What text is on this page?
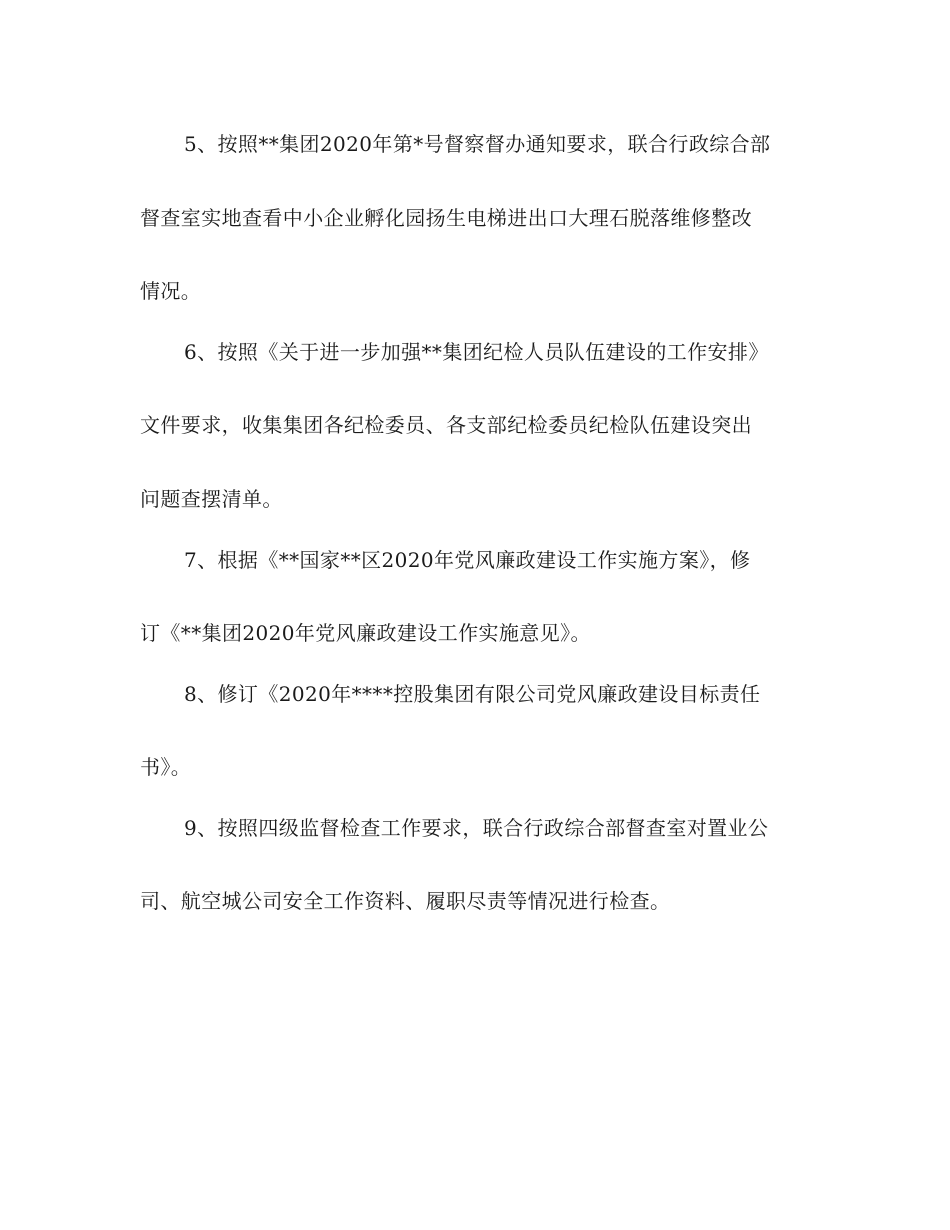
5、按照**集团2020年第*号督察督办通知要求，联合行政综合部

督查室实地查看中小企业孵化园扬生电梯进出口大理石脱落维修整改

情况。

6、按照《关于进一步加强**集团纪检人员队伍建设的工作安排》

文件要求，收集集团各纪检委员、各支部纪检委员纪检队伍建设突出

问题查摆清单。

7、根据《**国家**区2020年党风廉政建设工作实施方案》，修

订《**集团2020年党风廉政建设工作实施意见》。

8、修订《2020年****控股集团有限公司党风廉政建设目标责任

书》。

9、按照四级监督检查工作要求，联合行政综合部督查室对置业公

司、航空城公司安全工作资料、履职尽责等情况进行检查。
